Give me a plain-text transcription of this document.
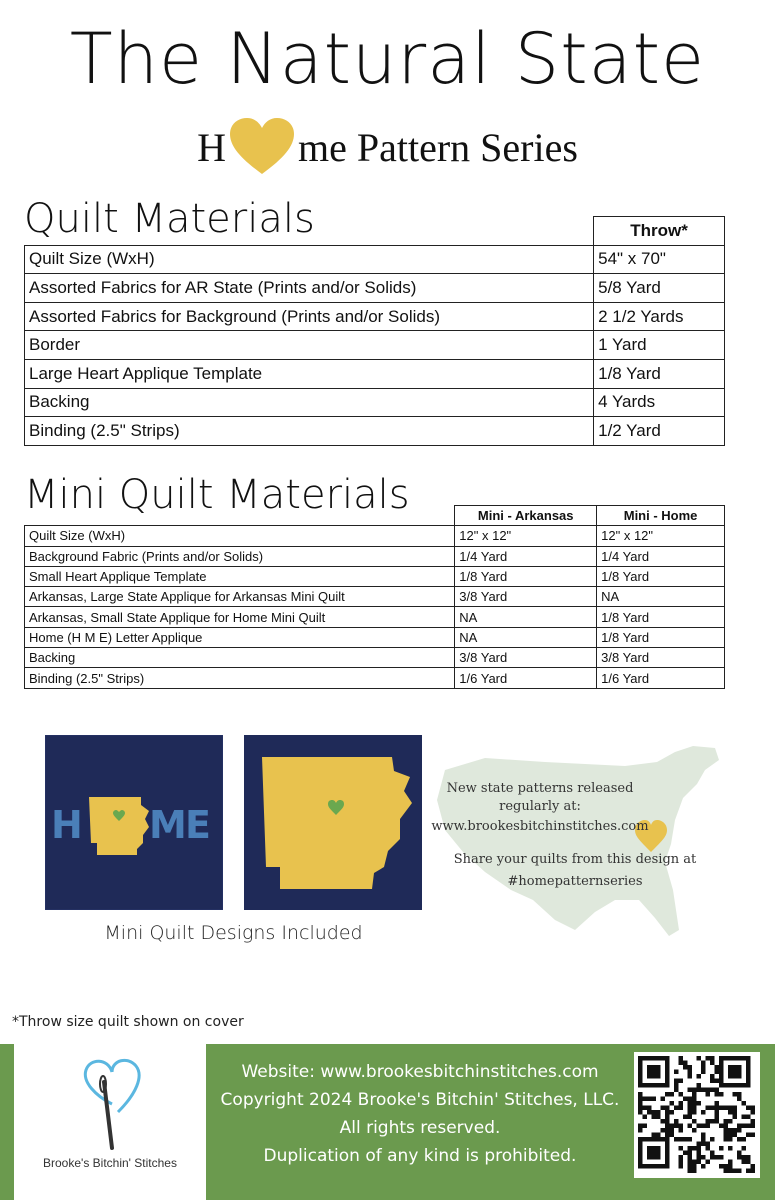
The Natural State
H me Pattern Series
Quilt Materials
		Throw*
Quilt Size (WxH)	54" x 70"
Assorted Fabrics for AR State (Prints and/or Solids)	5/8 Yard
Assorted Fabrics for Background (Prints and/or Solids)	2 1/2 Yards
Border	1 Yard
Large Heart Applique Template	1/8 Yard
Backing	4 Yards
Binding (2.5" Strips)	1/2 Yard
Mini Quilt Materials
		Mini - Arkansas	Mini - Home
Quilt Size (WxH)	12" x 12"	12" x 12"
Background Fabric (Prints and/or Solids)	1/4 Yard	1/4 Yard
Small Heart Applique Template	1/8 Yard	1/8 Yard
Arkansas, Large State Applique for Arkansas Mini Quilt	3/8 Yard	NA
Arkansas, Small State Applique for Home Mini Quilt	NA	1/8 Yard
Home (H M E) Letter Applique	NA	1/8 Yard
Backing	3/8 Yard	3/8 Yard
Binding (2.5" Strips)	1/6 Yard	1/6 Yard
H M
E
Mini Quilt Designs Included
New state patterns released
regularly at:
www.brookesbitchinstitches.com
Share your quilts from this design at
#homepatternseries
*Throw size quilt shown on cover
Brooke's Bitchin' Stitches
Website: www.brookesbitchinstitches.com
Copyright 2024 Brooke's Bitchin' Stitches, LLC.
All rights reserved.
Duplication of any kind is prohibited.
